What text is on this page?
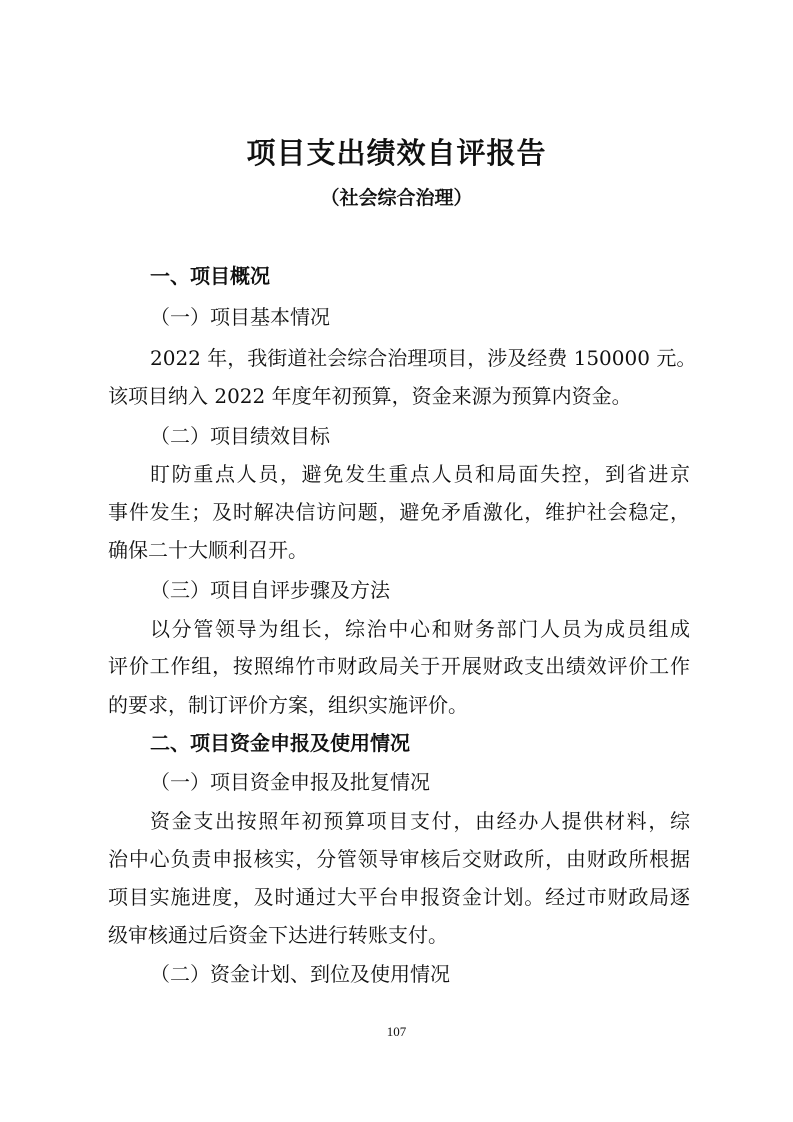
项目支出绩效自评报告
（社会综合治理）
一、项目概况
（一）项目基本情况
2022 年，我街道社会综合治理项目，涉及经费 150000 元。
该项目纳入 2022 年度年初预算，资金来源为预算内资金。
（二）项目绩效目标
盯防重点人员，避免发生重点人员和局面失控，到省进京
事件发生；及时解决信访问题，避免矛盾激化，维护社会稳定，
确保二十大顺利召开。
（三）项目自评步骤及方法
以分管领导为组长，综治中心和财务部门人员为成员组成
评价工作组，按照绵竹市财政局关于开展财政支出绩效评价工作
的要求，制订评价方案，组织实施评价。
二、项目资金申报及使用情况
（一）项目资金申报及批复情况
资金支出按照年初预算项目支付，由经办人提供材料，综
治中心负责申报核实，分管领导审核后交财政所，由财政所根据
项目实施进度，及时通过大平台申报资金计划。经过市财政局逐
级审核通过后资金下达进行转账支付。
（二）资金计划、到位及使用情况
107
